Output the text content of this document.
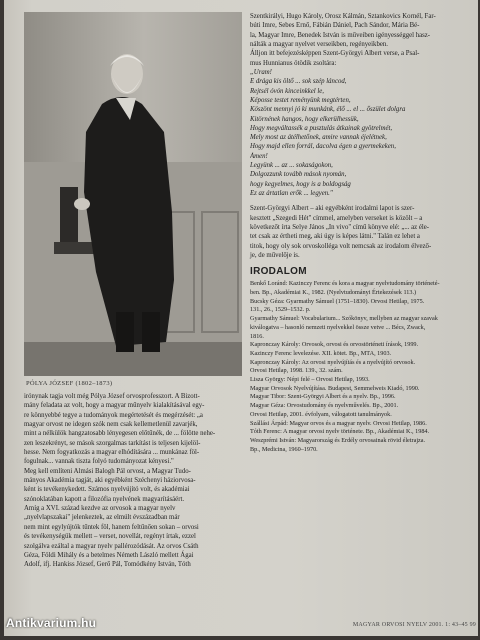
PÓLYA JÓZSEF (1802–1873)

irónynak tagja volt még Pólya József orvosprofesszort. A Bizott-

mány feladata az volt, hogy a magyar műnyelv kialakításával egy-

re könnyebbé tegye a tudományok megértetését és megérzését: „a

magyar orvost ne idegen szók nem csak kellemetlenül zavarjék,

mint a nélkülök hangzatosabb lényegesen előtűnék, de ... fölötte nehe-

zen leszekrényt, se mások szorgalmas tarkítást is teljesen kijelöl-

hesse. Nem fogyatkozás a magyar elhódítására ... munkánaz föl-

fogulnak... vannak tiszta folyó tudományozat kényesi."

Meg kell említeni Almási Balogh Pál orvost, a Magyar Tudo-

mányos Akadémia tagját, aki egyébként Széchenyi háziorvosa-

ként is tevékenykedett. Számos nyelvújító volt, és akadémiai

szónoklatában kapott a filozófia nyelvének magyarításáért.

Amíg a XVI. század kezdve az orvosok a magyar nyelv

„nyelvlapszakai" jelenkeztek, az elmúlt évszázadban már

nem mint egylyújtók tűntek föl, hanem feltűnően sokan – orvosi

és tevékenységük mellett – verset, novellát, regényt írtak, ezzel

szolgálva ezáltal a magyar nyelv pallérozódását. Az orvos Csáth

Géza, Földi Mihály és a betelmes Németh László mellett Ágai

Adolf, ifj. Hankiss József, Gerő Pál, Tomódkény István, Tóth

Szentkirályi, Hugo Károly, Orosz Kálmán, Sztankovics Kornél, Far-

búti Imre, Sebes Ernő, Fábián Dániel, Pach Sándor, Mária Bé-

la, Magyar Imre, Benedek István is műveiben igényességgel hasz-

nálták a magyar nyelvet verseikben, regényeikben.

Álljon itt befejezésképpen Szent-Györgyi Albert verse, a Psal-

mus Hunnianus ötödik zsoltára:

„Uram!
E drága kis öltő ... sok szép láncod,
Rejtsél óvón kinceinkkel le,
Képosse testet reményünk megtérten,
Köszönt mennyi jó ki munkánk, élő ... el ... őszület dolgra
Kitörnének hangos, hogy elkerülhessük,
Hogy megváltassék a pusztulás átkainak gyötrelmét,
Mely most az átélhetőnek, amire vannak éjelétnek,
Hogy majd ellen forrál, dacolva égen a gyermekeken,
Ámen!
Legyünk ... az ... sokaságokon,
Dolgozzunk tovább mások nyomán,
hogy kegyelmes, hogy is a boldogság
Ez az ártatlan erők ... legyen."

Szent-Györgyi Albert – aki egyébként irodalmi lapot is szer-

kesztett „Szegedi Hét" címmel, amelyben verseket is közölt – a

következőt írta Selye János „In vivo" című könyve elé: „... az éle-

tet csak az értheti meg, aki úgy is képes látni." Talán ez lehet a

titok, hogy oly sok orvoskolléga volt nemcsak az irodalom élvező-

je, de művelője is.

IRODALOM

Benkő Loránd: Kazinczy Ferenc és kora a magyar nyelvtudomány történeté-

ben. Bp., Akadémiai K., 1982. (Nyelvtudományi Értekezések 113.)

Bucsky Géza: Gyarmathy Sámuel (1751–1830). Orvosi Hetilap, 1975.

131., 26., 1529–1532. p.

Gyarmathy Sámuel: Vocabularium... Szókönyv, mellyben az magyar szavak

kiválogatva – hasonló nemzeti nyelvekkel össze vetve ... Bécs, Zwack,

1816.

Kapronczay Károly: Orvosok, orvosi és orvostörténeti írások, 1999.

Kazinczy Ferenc levelezése. XII. kötet. Bp., MTA, 1903.

Kapronczay Károly: Az orvosi nyelvújítás és a nyelvújító orvosok.

Orvosi Hetilap, 1998. 139., 32. szám.

Lisza György: Népi felé – Orvosi Hetilap, 1993.

Magyar Orvosok Nyelvújítása. Budapest, Semmelweis Kiadó, 1990.

Magyar Tibor: Szent-Györgyi Albert és a nyelv. Bp., 1996.

Magyar Géza: Orvostudomány és nyelvművelés. Bp., 2001.

Orvosi Hetilap, 2001. évfolyam, válogatott tanulmányok.

Szállási Árpád: Magyar orvos és a magyar nyelv. Orvosi Hetilap, 1986.

Tóth Ferenc: A magyar orvosi nyelv története. Bp., Akadémiai K., 1984.

Weszprémi István: Magyarország és Erdély orvosainak rövid életrajza.

Bp., Medicina, 1960–1970.

MAGYAR ORVOSI NYELV 2001. 1: 43–45 99
Antikvarium.hu
